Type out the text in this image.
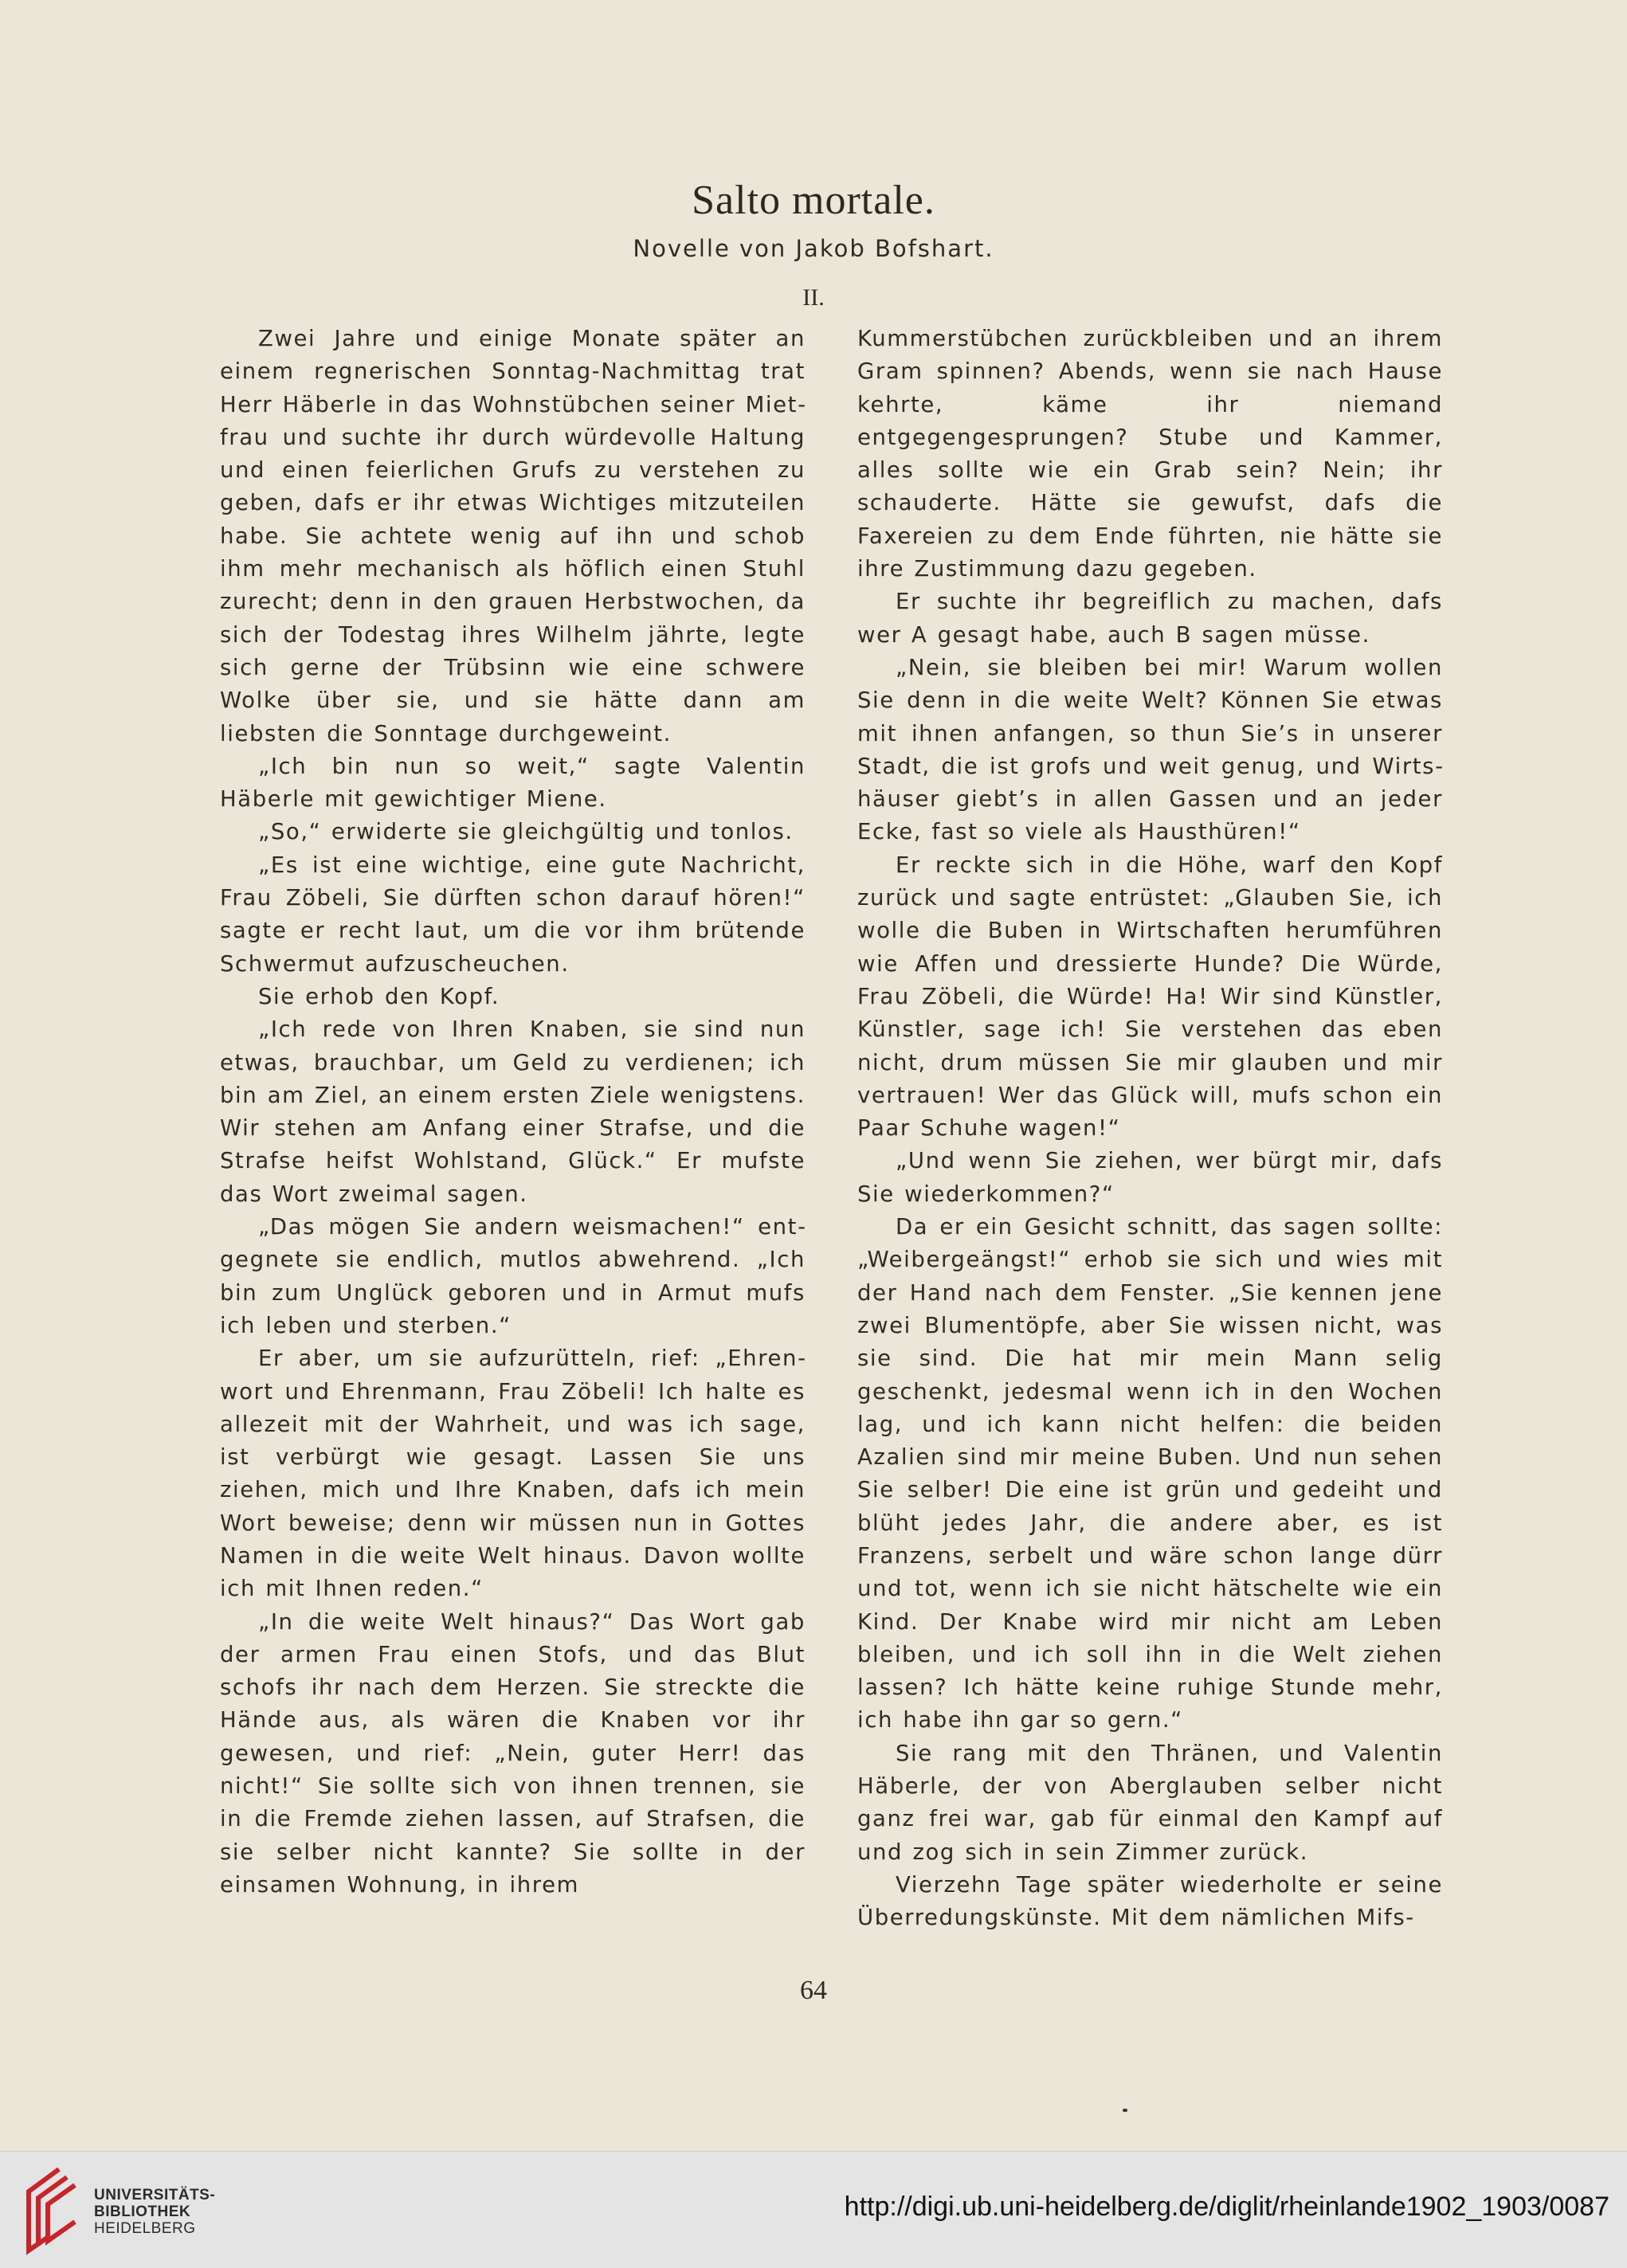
Salto mortale.
Novelle von Jakob Bofshart.
II.

Zwei Jahre und einige Monate später an einem regnerischen Sonntag-Nachmittag trat Herr Häberle in das Wohnstübchen seiner Mietfrau und suchte ihr durch würdevolle Haltung und einen feierlichen Grufs zu verstehen zu geben, dafs er ihr etwas Wichtiges mitzuteilen habe. Sie achtete wenig auf ihn und schob ihm mehr mechanisch als höflich einen Stuhl zurecht; denn in den grauen Herbstwochen, da sich der Todestag ihres Wilhelm jährte, legte sich gerne der Trübsinn wie eine schwere Wolke über sie, und sie hätte dann am liebsten die Sonntage durchgeweint.

„Ich bin nun so weit,“ sagte Valentin Häberle mit gewichtiger Miene.

„So,“ erwiderte sie gleichgültig und tonlos.

„Es ist eine wichtige, eine gute Nachricht, Frau Zöbeli, Sie dürften schon darauf hören!“ sagte er recht laut, um die vor ihm brütende Schwermut aufzuscheuchen.

Sie erhob den Kopf.

„Ich rede von Ihren Knaben, sie sind nun etwas, brauchbar, um Geld zu verdienen; ich bin am Ziel, an einem ersten Ziele wenigstens. Wir stehen am Anfang einer Strafse, und die Strafse heifst Wohlstand, Glück.“ Er mufste das Wort zweimal sagen.

„Das mögen Sie andern weismachen!“ entgegnete sie endlich, mutlos abwehrend. „Ich bin zum Unglück geboren und in Armut mufs ich leben und sterben.“

Er aber, um sie aufzurütteln, rief: „Ehrenwort und Ehrenmann, Frau Zöbeli! Ich halte es allezeit mit der Wahrheit, und was ich sage, ist verbürgt wie gesagt. Lassen Sie uns ziehen, mich und Ihre Knaben, dafs ich mein Wort beweise; denn wir müssen nun in Gottes Namen in die weite Welt hinaus. Davon wollte ich mit Ihnen reden.“

„In die weite Welt hinaus?“ Das Wort gab der armen Frau einen Stofs, und das Blut schofs ihr nach dem Herzen. Sie streckte die Hände aus, als wären die Knaben vor ihr gewesen, und rief: „Nein, guter Herr! das nicht!“ Sie sollte sich von ihnen trennen, sie in die Fremde ziehen lassen, auf Strafsen, die sie selber nicht kannte? Sie sollte in der einsamen Wohnung, in ihrem

Kummerstübchen zurückbleiben und an ihrem Gram spinnen? Abends, wenn sie nach Hause kehrte, käme ihr niemand entgegengesprungen? Stube und Kammer, alles sollte wie ein Grab sein? Nein; ihr schauderte. Hätte sie gewufst, dafs die Faxereien zu dem Ende führten, nie hätte sie ihre Zustimmung dazu gegeben.

Er suchte ihr begreiflich zu machen, dafs wer A gesagt habe, auch B sagen müsse.

„Nein, sie bleiben bei mir! Warum wollen Sie denn in die weite Welt? Können Sie etwas mit ihnen anfangen, so thun Sie’s in unserer Stadt, die ist grofs und weit genug, und Wirtshäuser giebt’s in allen Gassen und an jeder Ecke, fast so viele als Hausthüren!“

Er reckte sich in die Höhe, warf den Kopf zurück und sagte entrüstet: „Glauben Sie, ich wolle die Buben in Wirtschaften herumführen wie Affen und dressierte Hunde? Die Würde, Frau Zöbeli, die Würde! Ha! Wir sind Künstler, Künstler, sage ich! Sie verstehen das eben nicht, drum müssen Sie mir glauben und mir vertrauen! Wer das Glück will, mufs schon ein Paar Schuhe wagen!“

„Und wenn Sie ziehen, wer bürgt mir, dafs Sie wiederkommen?“

Da er ein Gesicht schnitt, das sagen sollte: „Weibergeängst!“ erhob sie sich und wies mit der Hand nach dem Fenster. „Sie kennen jene zwei Blumentöpfe, aber Sie wissen nicht, was sie sind. Die hat mir mein Mann selig geschenkt, jedesmal wenn ich in den Wochen lag, und ich kann nicht helfen: die beiden Azalien sind mir meine Buben. Und nun sehen Sie selber! Die eine ist grün und gedeiht und blüht jedes Jahr, die andere aber, es ist Franzens, serbelt und wäre schon lange dürr und tot, wenn ich sie nicht hätschelte wie ein Kind. Der Knabe wird mir nicht am Leben bleiben, und ich soll ihn in die Welt ziehen lassen? Ich hätte keine ruhige Stunde mehr, ich habe ihn gar so gern.“

Sie rang mit den Thränen, und Valentin Häberle, der von Aberglauben selber nicht ganz frei war, gab für einmal den Kampf auf und zog sich in sein Zimmer zurück.

Vierzehn Tage später wiederholte er seine Überredungskünste. Mit dem nämlichen Mifs-

64
UNIVERSITÄTS-
BIBLIOTHEK
HEIDELBERG
http://digi.ub.uni-heidelberg.de/diglit/rheinlande1902_1903/0087
